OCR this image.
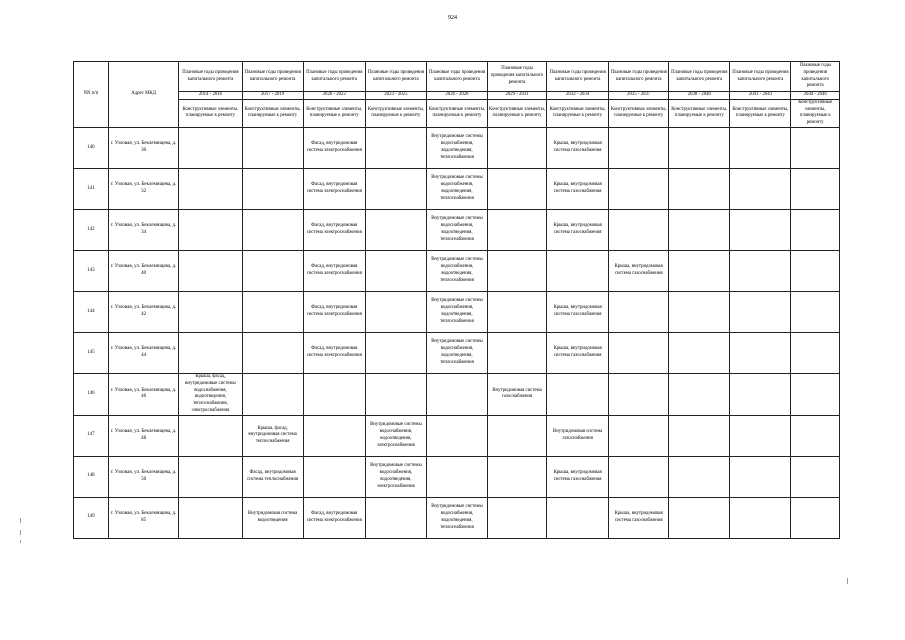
924
NN п/п	Адрес МКД	Плановые годы проведения капитального ремонта	Плановые годы проведения капитального ремонта	Плановые годы проведения капитального ремонта	Плановые годы проведения капитального ремонта	Плановые годы проведения капитального ремонта	Плановые годы проведения капитального ремонта	Плановые годы проведения капитального ремонта	Плановые годы проведения капитального ремонта	Плановые годы проведения капитального ремонта	Плановые годы проведения капитального ремонта	Плановые годы проведения капитального ремонта
		2014 - 2016	2017 - 2019	2020 - 2022	2023 - 2025	2026 - 2028	2029 - 2031	2032 - 2034	2035 - 2037	2038 - 2040	2041 - 2043	2044 - 2046
		Конструктивные элементы, планируемые к ремонту	Конструктивные элементы, планируемые к ремонту	Конструктивные элементы, планируемые к ремонту	Конструктивные элементы, планируемые к ремонту	Конструктивные элементы, планируемые к ремонту	Конструктивные элементы, планируемые к ремонту	Конструктивные элементы, планируемые к ремонту	Конструктивные элементы, планируемые к ремонту	Конструктивные элементы, планируемые к ремонту	Конструктивные элементы, планируемые к ремонту	Конструктивные элементы, планируемые к ремонту
140	г. Узловая, ул. Беклемищева, д. 30			Фасад, внутридомовая система электроснабжения		Внутридомовые системы водоснабжения, водоотведения, теплоснабжения		Крыша, внутридомовая система газоснабжения				
141	г. Узловая, ул. Беклемищева, д. 32			Фасад, внутридомовая система электроснабжения		Внутридомовые системы водоснабжения, водоотведения, теплоснабжения		Крыша, внутридомовая система газоснабжения				
142	г. Узловая, ул. Беклемищева, д. 34			Фасад, внутридомовая система электроснабжения		Внутридомовые системы водоснабжения, водоотведения, теплоснабжения		Крыша, внутридомовая система газоснабжения				
143	г. Узловая, ул. Беклемищева, д. 40			Фасад, внутридомовая система электроснабжения		Внутридомовые системы водоснабжения, водоотведения, теплоснабжения			Крыша, внутридомовая система газоснабжения			
144	г. Узловая, ул. Беклемищева, д. 42			Фасад, внутридомовая система электроснабжения		Внутридомовые системы водоснабжения, водоотведения, теплоснабжения		Крыша, внутридомовая система газоснабжения				
145	г. Узловая, ул. Беклемищева, д. 44			Фасад, внутридомовая система электроснабжения		Внутридомовые системы водоснабжения, водоотведения, теплоснабжения		Крыша, внутридомовая система газоснабжения				
146	г. Узловая, ул. Беклемищева, д. 46	Крыша, фасад, внутридомовые системы водоснабжения, водоотведения, теплоснабжения, электроснабжения					Внутридомовая система газоснабжения					
147	г. Узловая, ул. Беклемищева, д. 48		Крыша, фасад, внутридомовая система теплоснабжения		Внутридомовые системы водоснабжения, водоотведения, электроснабжения			Внутридомовая система газоснабжения				
148	г. Узловая, ул. Беклемищева, д. 50		Фасад, внутридомовая система теплоснабжения		Внутридомовые системы водоснабжения, водоотведения, электроснабжения			Крыша, внутридомовая система газоснабжения				
149	г. Узловая, ул. Беклемищева, д. 85		Внутридомовая система водоотведения	Фасад, внутридомовая система электроснабжения		Внутридомовые системы водоснабжения, водоотведения, теплоснабжения			Крыша, внутридомовая система газоснабжения			
